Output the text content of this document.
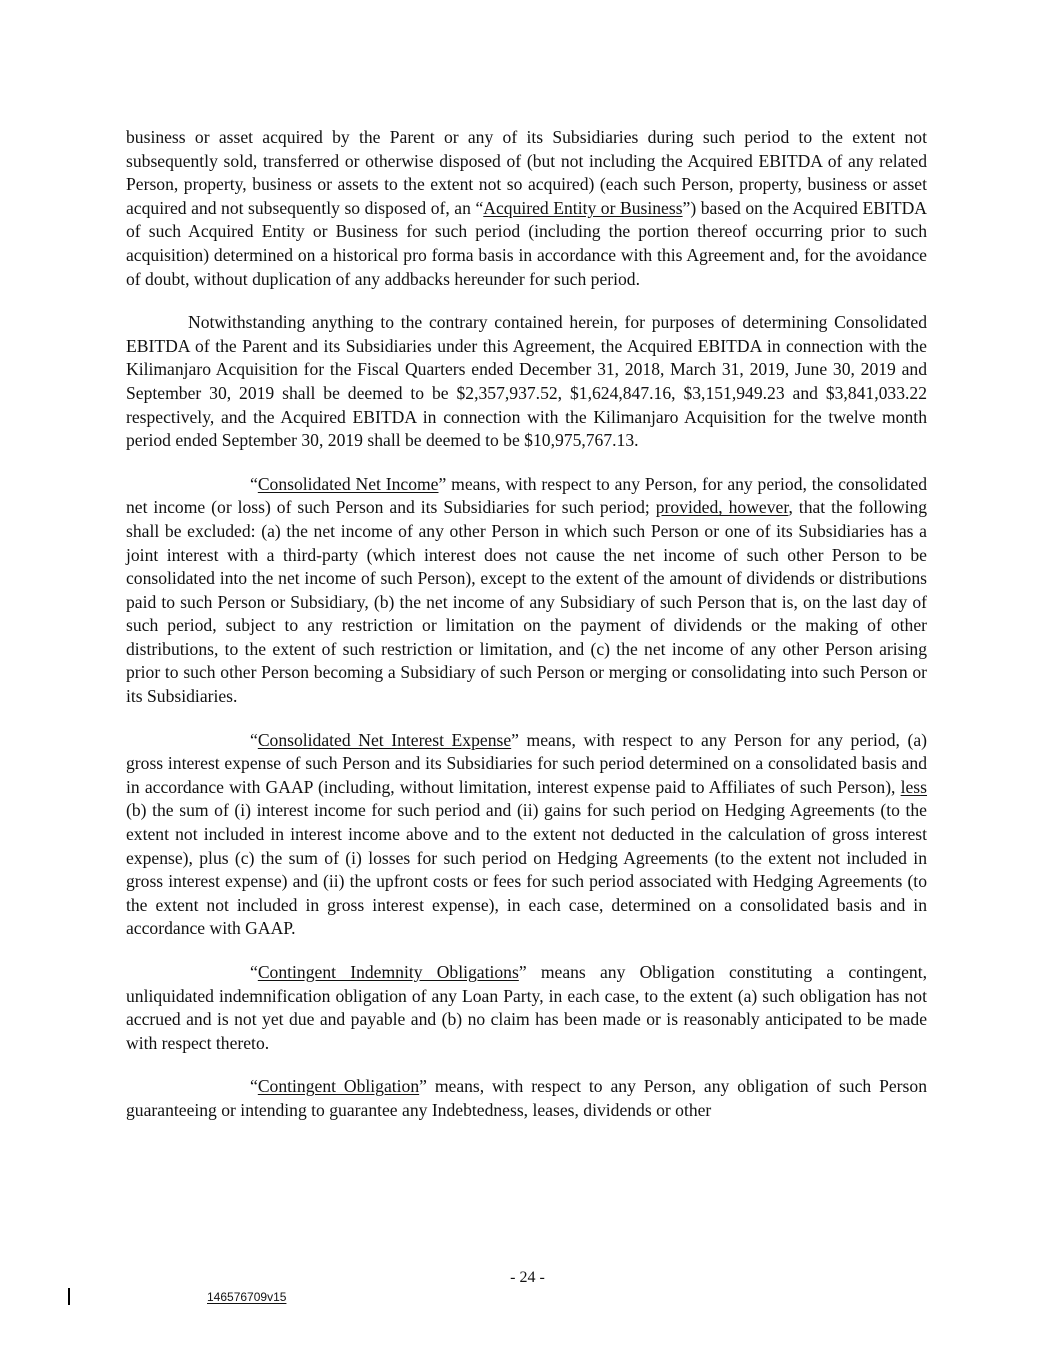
business or asset acquired by the Parent or any of its Subsidiaries during such period to the extent not subsequently sold, transferred or otherwise disposed of (but not including the Acquired EBITDA of any related Person, property, business or assets to the extent not so acquired) (each such Person, property, business or asset acquired and not subsequently so disposed of, an “Acquired Entity or Business”) based on the Acquired EBITDA of such Acquired Entity or Business for such period (including the portion thereof occurring prior to such acquisition) determined on a historical pro forma basis in accordance with this Agreement and, for the avoidance of doubt, without duplication of any addbacks hereunder for such period.

Notwithstanding anything to the contrary contained herein, for purposes of determining Consolidated EBITDA of the Parent and its Subsidiaries under this Agreement, the Acquired EBITDA in connection with the Kilimanjaro Acquisition for the Fiscal Quarters ended December 31, 2018, March 31, 2019, June 30, 2019 and September 30, 2019 shall be deemed to be $2,357,937.52, $1,624,847.16, $3,151,949.23 and $3,841,033.22 respectively, and the Acquired EBITDA in connection with the Kilimanjaro Acquisition for the twelve month period ended September 30, 2019 shall be deemed to be $10,975,767.13.

“Consolidated Net Income” means, with respect to any Person, for any period, the consolidated net income (or loss) of such Person and its Subsidiaries for such period; provided, however, that the following shall be excluded: (a) the net income of any other Person in which such Person or one of its Subsidiaries has a joint interest with a third-party (which interest does not cause the net income of such other Person to be consolidated into the net income of such Person), except to the extent of the amount of dividends or distributions paid to such Person or Subsidiary, (b) the net income of any Subsidiary of such Person that is, on the last day of such period, subject to any restriction or limitation on the payment of dividends or the making of other distributions, to the extent of such restriction or limitation, and (c) the net income of any other Person arising prior to such other Person becoming a Subsidiary of such Person or merging or consolidating into such Person or its Subsidiaries.

“Consolidated Net Interest Expense” means, with respect to any Person for any period, (a) gross interest expense of such Person and its Subsidiaries for such period determined on a consolidated basis and in accordance with GAAP (including, without limitation, interest expense paid to Affiliates of such Person), less (b) the sum of (i) interest income for such period and (ii) gains for such period on Hedging Agreements (to the extent not included in interest income above and to the extent not deducted in the calculation of gross interest expense), plus (c) the sum of (i) losses for such period on Hedging Agreements (to the extent not included in gross interest expense) and (ii) the upfront costs or fees for such period associated with Hedging Agreements (to the extent not included in gross interest expense), in each case, determined on a consolidated basis and in accordance with GAAP.

“Contingent Indemnity Obligations” means any Obligation constituting a contingent, unliquidated indemnification obligation of any Loan Party, in each case, to the extent (a) such obligation has not accrued and is not yet due and payable and (b) no claim has been made or is reasonably anticipated to be made with respect thereto.

“Contingent Obligation” means, with respect to any Person, any obligation of such Person guaranteeing or intending to guarantee any Indebtedness, leases, dividends or other

- 24 -
146576709v15
